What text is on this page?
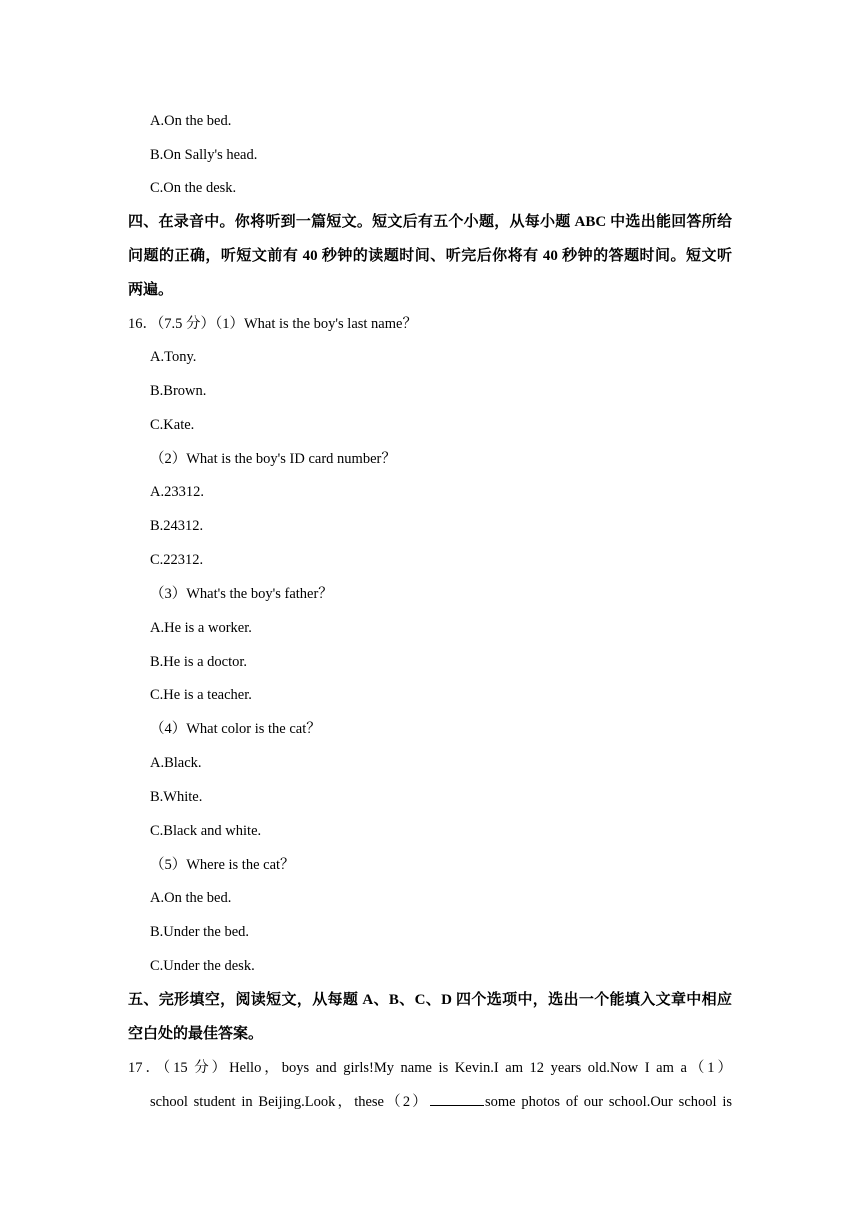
A.On the bed.
B.On Sally's head.
C.On the desk.
四、在录音中。你将听到一篇短文。短文后有五个小题，从每小题 ABC 中选出能回答所给
问题的正确，听短文前有 40 秒钟的读题时间、听完后你将有 40 秒钟的答题时间。短文听
两遍。
16．（7.5 分）（1）What is the boy's last name？
A.Tony.
B.Brown.
C.Kate.
（2）What is the boy's ID card number？
A.23312.
B.24312.
C.22312.
（3）What's the boy's father？
A.He is a worker.
B.He is a doctor.
C.He is a teacher.
（4）What color is the cat？
A.Black.
B.White.
C.Black and white.
（5）Where is the cat？
A.On the bed.
B.Under the bed.
C.Under the desk.
五、完形填空，阅读短文，从每题 A、B、C、D 四个选项中，选出一个能填入文章中相应
空白处的最佳答案。
17．（15 分）Hello，boys and girls!My name is Kevin.I am 12 years old.Now I am a（1）
school student in Beijing.Look，these（2）	some photos of our school.Our school is
